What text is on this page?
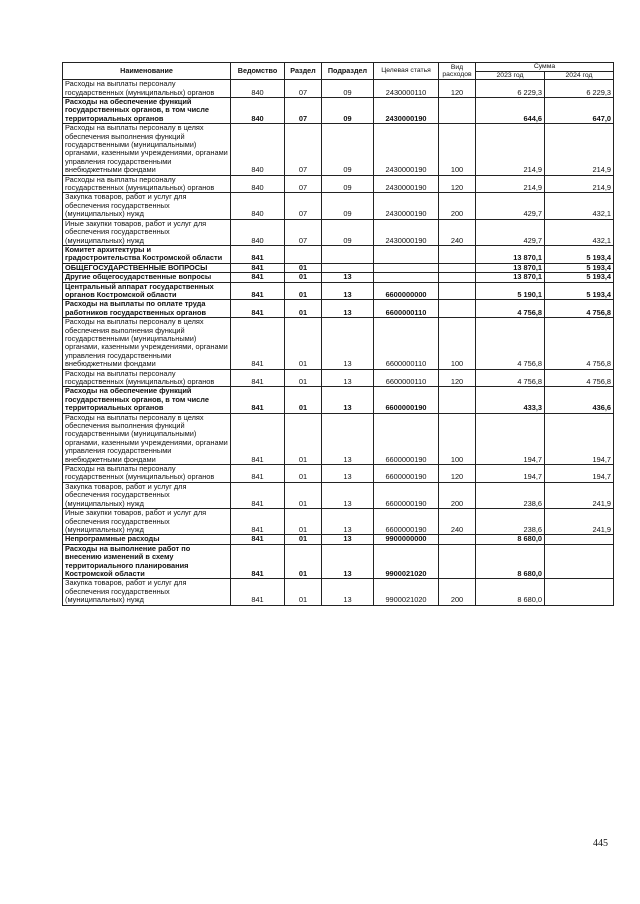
Наименование	Ведомство	Раздел	Подраздел	Целевая статья	Вид расходов	Сумма	
						2023 год	2024 год
Расходы на выплаты персоналу государственных (муниципальных) органов	840	07	09	2430000110	120	6 229,3	6 229,3
Расходы на обеспечение функций государственных органов, в том числе территориальных органов	840	07	09	2430000190		644,6	647,0
Расходы на выплаты персоналу в целях обеспечения выполнения функций государственными (муниципальными) органами, казенными учреждениями, органами управления государственными внебюджетными фондами	840	07	09	2430000190	100	214,9	214,9
Расходы на выплаты персоналу государственных (муниципальных) органов	840	07	09	2430000190	120	214,9	214,9
Закупка товаров, работ и услуг для обеспечения государственных (муниципальных) нужд	840	07	09	2430000190	200	429,7	432,1
Иные закупки товаров, работ и услуг для обеспечения государственных (муниципальных) нужд	840	07	09	2430000190	240	429,7	432,1
Комитет архитектуры и градостроительства Костромской области	841					13 870,1	5 193,4
ОБЩЕГОСУДАРСТВЕННЫЕ ВОПРОСЫ	841	01				13 870,1	5 193,4
Другие общегосударственные вопросы	841	01	13			13 870,1	5 193,4
Центральный аппарат государственных органов Костромской области	841	01	13	6600000000		5 190,1	5 193,4
Расходы на выплаты по оплате труда работников государственных органов	841	01	13	6600000110		4 756,8	4 756,8
Расходы на выплаты персоналу в целях обеспечения выполнения функций государственными (муниципальными) органами, казенными учреждениями, органами управления государственными внебюджетными фондами	841	01	13	6600000110	100	4 756,8	4 756,8
Расходы на выплаты персоналу государственных (муниципальных) органов	841	01	13	6600000110	120	4 756,8	4 756,8
Расходы на обеспечение функций государственных органов, в том числе территориальных органов	841	01	13	6600000190		433,3	436,6
Расходы на выплаты персоналу в целях обеспечения выполнения функций государственными (муниципальными) органами, казенными учреждениями, органами управления государственными внебюджетными фондами	841	01	13	6600000190	100	194,7	194,7
Расходы на выплаты персоналу государственных (муниципальных) органов	841	01	13	6600000190	120	194,7	194,7
Закупка товаров, работ и услуг для обеспечения государственных (муниципальных) нужд	841	01	13	6600000190	200	238,6	241,9
Иные закупки товаров, работ и услуг для обеспечения государственных (муниципальных) нужд	841	01	13	6600000190	240	238,6	241,9
Непрограммные расходы	841	01	13	9900000000		8 680,0	
Расходы на выполнение работ по внесению изменений в схему территориального планирования Костромской области	841	01	13	9900021020		8 680,0	
Закупка товаров, работ и услуг для обеспечения государственных (муниципальных) нужд	841	01	13	9900021020	200	8 680,0	
445
